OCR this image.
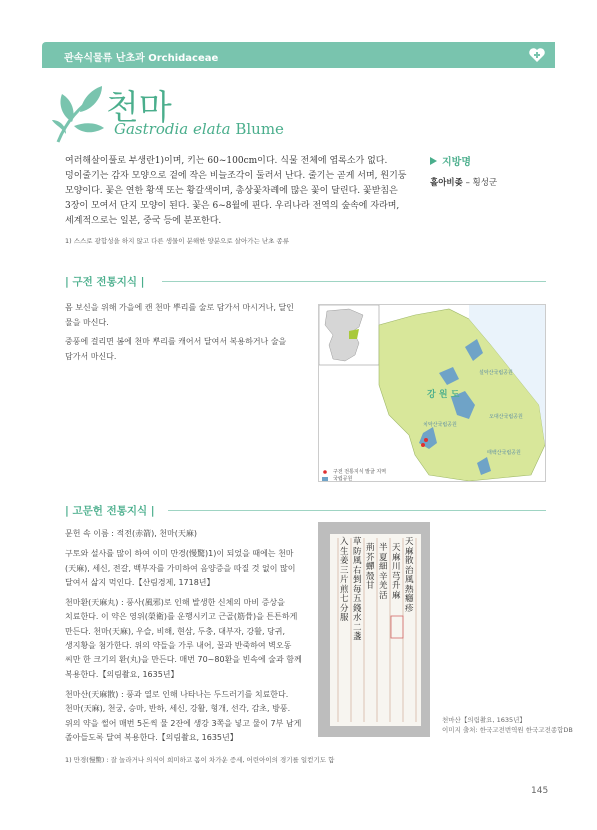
관속식물류 난초과 Orchidaceae
천마
Gastrodia elata Blume
여러해살이풀로 부생란1)이며, 키는 60~100cm이다. 식물 전체에 엽록소가 없다.
덩이줄기는 감자 모양으로 겉에 작은 비늘조각이 둘러서 난다. 줄기는 곧게 서며, 원기둥
모양이다. 꽃은 연한 황색 또는 황갈색이며, 총상꽃차례에 많은 꽃이 달린다. 꽃받침은
3장이 모여서 단지 모양이 된다. 꽃은 6~8월에 핀다. 우리나라 전역의 숲속에 자라며,
세계적으로는 일본, 중국 등에 분포한다.
1) 스스로 광합성을 하지 않고 다른 생물이 분해한 양분으로 살아가는 난초 종류
지방명
홀아비좆 – 횡성군
| 구전 전통지식 |
몸 보신을 위해 가을에 캔 천마 뿌리를 술로 담가서 마시거나, 달인
물을 마신다.
중풍에 걸리면 봄에 천마 뿌리를 캐어서 달여서 복용하거나 술을
담가서 마신다.
강 원 도
설악산국립공원
오대산국립공원
치악산국립공원
태백산국립공원
구전 전통지식 발굴 지역
국립공원
| 고문헌 전통지식 |
문헌 속 이름 : 적전(赤箭), 천마(天麻)
구토와 설사를 많이 하여 이미 만경(慢驚)1)이 되었을 때에는 천마
(天麻), 세신, 전갈, 백부자를 가미하여 음양증을 따질 것 없이 많이
달여서 삶지 먹인다.【산림경제, 1718년】
천마환(天麻丸) : 풍사(風邪)로 인해 발생한 신체의 마비 증상을
치료한다. 이 약은 영위(榮衛)를 운행시키고 근골(筋骨)을 튼튼하게
만든다. 천마(天麻), 우슬, 비해, 현삼, 두충, 대부자, 강활, 당귀,
생지황을 첨가한다. 위의 약들을 가루 내어, 꿀과 반죽하여 벽오동
씨만 한 크기의 환(丸)을 만든다. 매번 70~80환을 빈속에 술과 함께
복용한다.【의림촬요, 1635년】
천마산(天麻散) : 풍과 열로 인해 나타나는 두드러기를 치료한다.
천마(天麻), 천궁, 승마, 반하, 세신, 강활, 형개, 선각, 감초, 방풍.
위의 약을 썰어 매번 5돈씩 물 2잔에 생강 3쪽을 넣고 물이 7부 남게
졸아들도록 달여 복용한다.【의림촬요, 1635년】
天麻散治風熱癮疹
天麻 川芎 升麻
半夏 細辛 羌活
荊芥 蟬殼 甘
草 防風 右剉毎五錢水二盞
入生姜三片煎七分服
천마산【의림촬요, 1635년】
이미지 출처: 한국고전번역원 한국고전종합DB
1) 만경(慢驚) : 잘 놀라거나 의식이 희미하고 몸이 차가운 증세, 어린아이의 경기를 일컫기도 함
145
